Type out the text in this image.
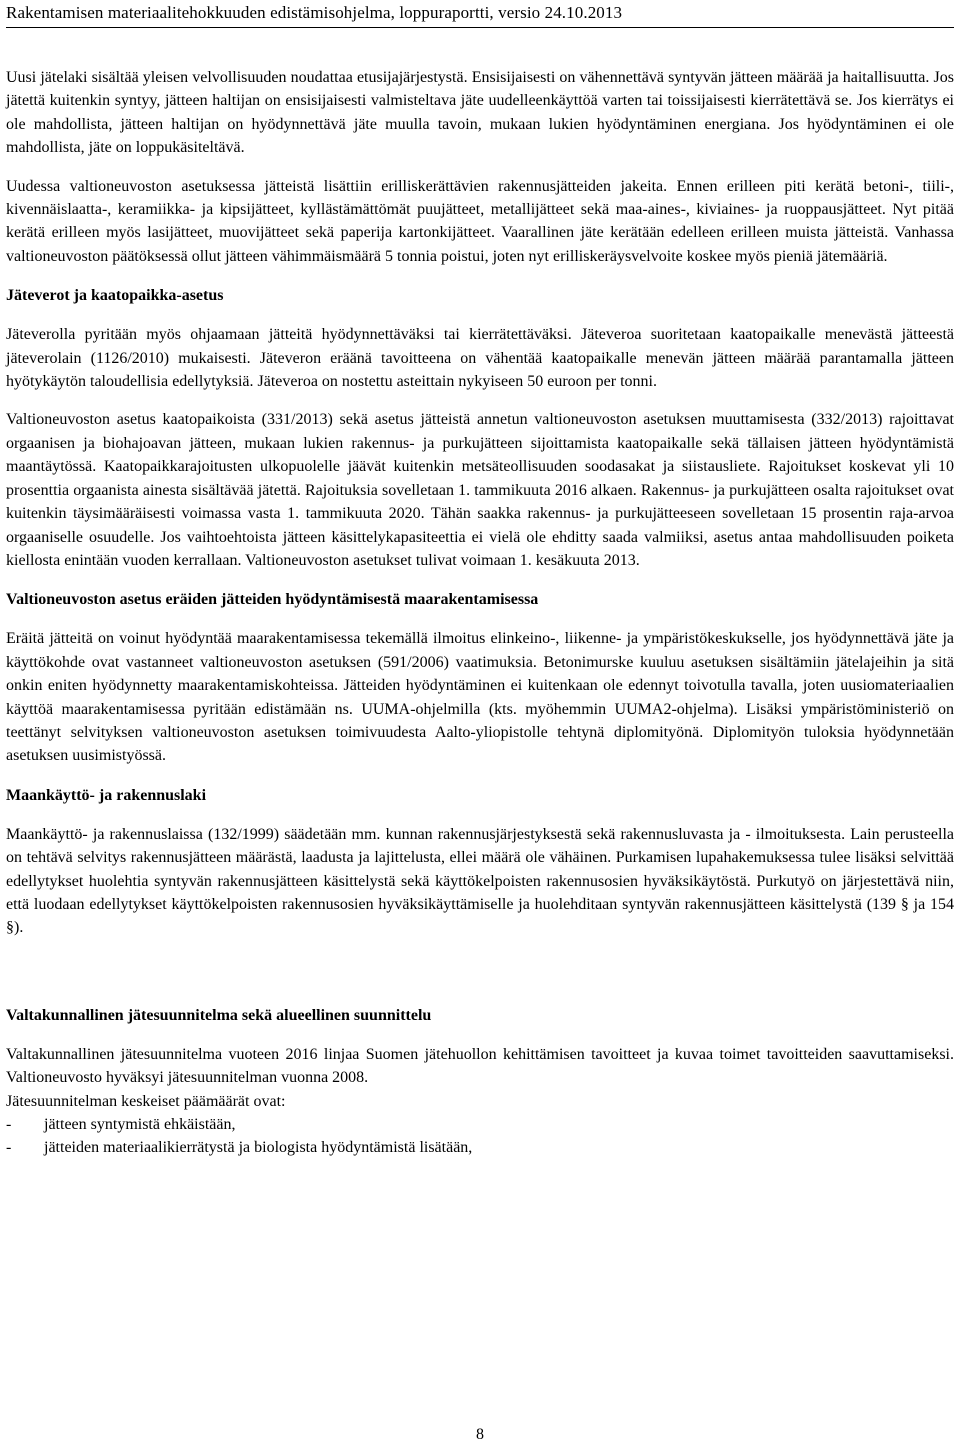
Rakentamisen materiaalitehokkuuden edistämisohjelma, loppuraportti, versio 24.10.2013

Uusi jätelaki sisältää yleisen velvollisuuden noudattaa etusijajärjestystä. Ensisijaisesti on vähennettävä syntyvän jätteen määrää ja haitallisuutta. Jos jätettä kuitenkin syntyy, jätteen haltijan on ensisijaisesti valmisteltava jäte uudelleenkäyttöä varten tai toissijaisesti kierrätettävä se. Jos kierrätys ei ole mahdollista, jätteen haltijan on hyödynnettävä jäte muulla tavoin, mukaan lukien hyödyntäminen energiana. Jos hyödyntäminen ei ole mahdollista, jäte on loppukäsiteltävä.

Uudessa valtioneuvoston asetuksessa jätteistä lisättiin erilliskerättävien rakennusjätteiden jakeita. Ennen erilleen piti kerätä betoni-, tiili-, kivennäislaatta-, keramiikka- ja kipsijätteet, kyllästämättömät puujätteet, metallijätteet sekä maa-aines-, kiviaines- ja ruoppausjätteet. Nyt pitää kerätä erilleen myös lasijätteet, muovijätteet sekä paperija kartonkijätteet. Vaarallinen jäte kerätään edelleen erilleen muista jätteistä. Vanhassa valtioneuvoston päätöksessä ollut jätteen vähimmäismäärä 5 tonnia poistui, joten nyt erilliskeräysvelvoite koskee myös pieniä jätemääriä.

Jäteverot ja kaatopaikka-asetus

Jäteverolla pyritään myös ohjaamaan jätteitä hyödynnettäväksi tai kierrätettäväksi. Jäteveroa suoritetaan kaatopaikalle menevästä jätteestä jäteverolain (1126/2010) mukaisesti. Jäteveron eräänä tavoitteena on vähentää kaatopaikalle menevän jätteen määrää parantamalla jätteen hyötykäytön taloudellisia edellytyksiä. Jäteveroa on nostettu asteittain nykyiseen 50 euroon per tonni.

Valtioneuvoston asetus kaatopaikoista (331/2013) sekä asetus jätteistä annetun valtioneuvoston asetuksen muuttamisesta (332/2013) rajoittavat orgaanisen ja biohajoavan jätteen, mukaan lukien rakennus- ja purkujätteen sijoittamista kaatopaikalle sekä tällaisen jätteen hyödyntämistä maantäytössä. Kaatopaikkarajoitusten ulkopuolelle jäävät kuitenkin metsäteollisuuden soodasakat ja siistausliete. Rajoitukset koskevat yli 10 prosenttia orgaanista ainesta sisältävää jätettä. Rajoituksia sovelletaan 1. tammikuuta 2016 alkaen. Rakennus- ja purkujätteen osalta rajoitukset ovat kuitenkin täysimääräisesti voimassa vasta 1. tammikuuta 2020. Tähän saakka rakennus- ja purkujätteeseen sovelletaan 15 prosentin raja-arvoa orgaaniselle osuudelle. Jos vaihtoehtoista jätteen käsittelykapasiteettia ei vielä ole ehditty saada valmiiksi, asetus antaa mahdollisuuden poiketa kiellosta enintään vuoden kerrallaan. Valtioneuvoston asetukset tulivat voimaan 1. kesäkuuta 2013.

Valtioneuvoston asetus eräiden jätteiden hyödyntämisestä maarakentamisessa

Eräitä jätteitä on voinut hyödyntää maarakentamisessa tekemällä ilmoitus elinkeino-, liikenne- ja ympäristökeskukselle, jos hyödynnettävä jäte ja käyttökohde ovat vastanneet valtioneuvoston asetuksen (591/2006) vaatimuksia. Betonimurske kuuluu asetuksen sisältämiin jätelajeihin ja sitä onkin eniten hyödynnetty maarakentamiskohteissa. Jätteiden hyödyntäminen ei kuitenkaan ole edennyt toivotulla tavalla, joten uusiomateriaalien käyttöä maarakentamisessa pyritään edistämään ns. UUMA-ohjelmilla (kts. myöhemmin UUMA2-ohjelma). Lisäksi ympäristöministeriö on teettänyt selvityksen valtioneuvoston asetuksen toimivuudesta Aalto-yliopistolle tehtynä diplomityönä. Diplomityön tuloksia hyödynnetään asetuksen uusimistyössä.

Maankäyttö- ja rakennuslaki

Maankäyttö- ja rakennuslaissa (132/1999) säädetään mm. kunnan rakennusjärjestyksestä sekä rakennusluvasta ja - ilmoituksesta. Lain perusteella on tehtävä selvitys rakennusjätteen määrästä, laadusta ja lajittelusta, ellei määrä ole vähäinen. Purkamisen lupahakemuksessa tulee lisäksi selvittää edellytykset huolehtia syntyvän rakennusjätteen käsittelystä sekä käyttökelpoisten rakennusosien hyväksikäytöstä. Purkutyö on järjestettävä niin, että luodaan edellytykset käyttökelpoisten rakennusosien hyväksikäyttämiselle ja huolehditaan syntyvän rakennusjätteen käsittelystä (139 § ja 154 §).

Valtakunnallinen jätesuunnitelma sekä alueellinen suunnittelu

Valtakunnallinen jätesuunnitelma vuoteen 2016 linjaa Suomen jätehuollon kehittämisen tavoitteet ja kuvaa toimet tavoitteiden saavuttamiseksi. Valtioneuvosto hyväksyi jätesuunnitelman vuonna 2008.

Jätesuunnitelman keskeiset päämäärät ovat:
-	jätteen syntymistä ehkäistään,
-	jätteiden materiaalikierrätystä ja biologista hyödyntämistä lisätään,
8
